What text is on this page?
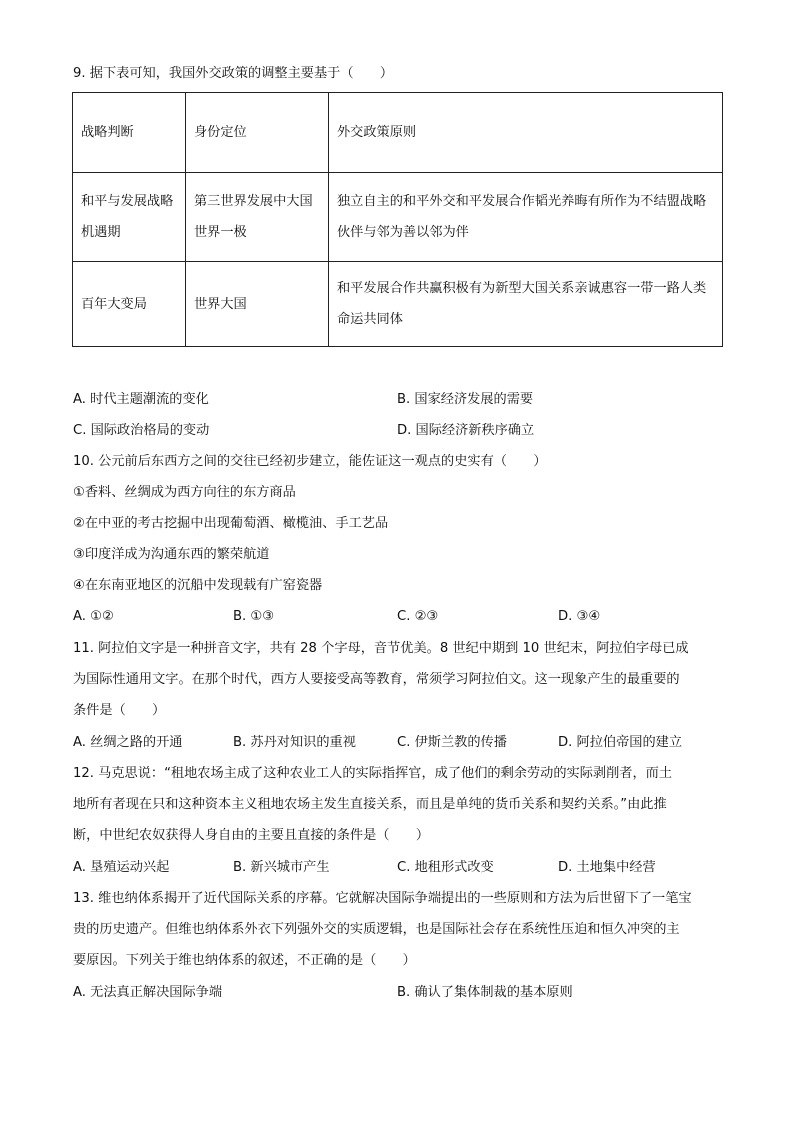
9. 据下表可知，我国外交政策的调整主要基于（　　）
战略判断	身份定位	外交政策原则

和平与发展战略机遇期	第三世界发展中大国世界一极	独立自主的和平外交和平发展合作韬光养晦有所作为不结盟战略伙伴与邻为善以邻为伴

百年大变局	世界大国	和平发展合作共赢积极有为新型大国关系亲诚惠容一带一路人类命运共同体
A. 时代主题潮流的变化	B. 国家经济发展的需要
C. 国际政治格局的变动	D. 国际经济新秩序确立
10. 公元前后东西方之间的交往已经初步建立，能佐证这一观点的史实有（　　）
①香料、丝绸成为西方向往的东方商品
②在中亚的考古挖掘中出现葡萄酒、橄榄油、手工艺品
③印度洋成为沟通东西的繁荣航道
④在东南亚地区的沉船中发现载有广窑瓷器
A. ①②	B. ①③	C. ②③	D. ③④
11. 阿拉伯文字是一种拼音文字，共有 28 个字母，音节优美。8 世纪中期到 10 世纪末，阿拉伯字母已成
为国际性通用文字。在那个时代，西方人要接受高等教育，常须学习阿拉伯文。这一现象产生的最重要的
条件是（　　）
A. 丝绸之路的开通	B. 苏丹对知识的重视	C. 伊斯兰教的传播	D. 阿拉伯帝国的建立
12. 马克思说：“租地农场主成了这种农业工人的实际指挥官，成了他们的剩余劳动的实际剥削者，而土
地所有者现在只和这种资本主义租地农场主发生直接关系，而且是单纯的货币关系和契约关系。”由此推
断，中世纪农奴获得人身自由的主要且直接的条件是（　　）
A. 垦殖运动兴起	B. 新兴城市产生	C. 地租形式改变	D. 土地集中经营
13. 维也纳体系揭开了近代国际关系的序幕。它就解决国际争端提出的一些原则和方法为后世留下了一笔宝
贵的历史遗产。但维也纳体系外衣下列强外交的实质逻辑，也是国际社会存在系统性压迫和恒久冲突的主
要原因。下列关于维也纳体系的叙述，不正确的是（　　）
A. 无法真正解决国际争端	B. 确认了集体制裁的基本原则
